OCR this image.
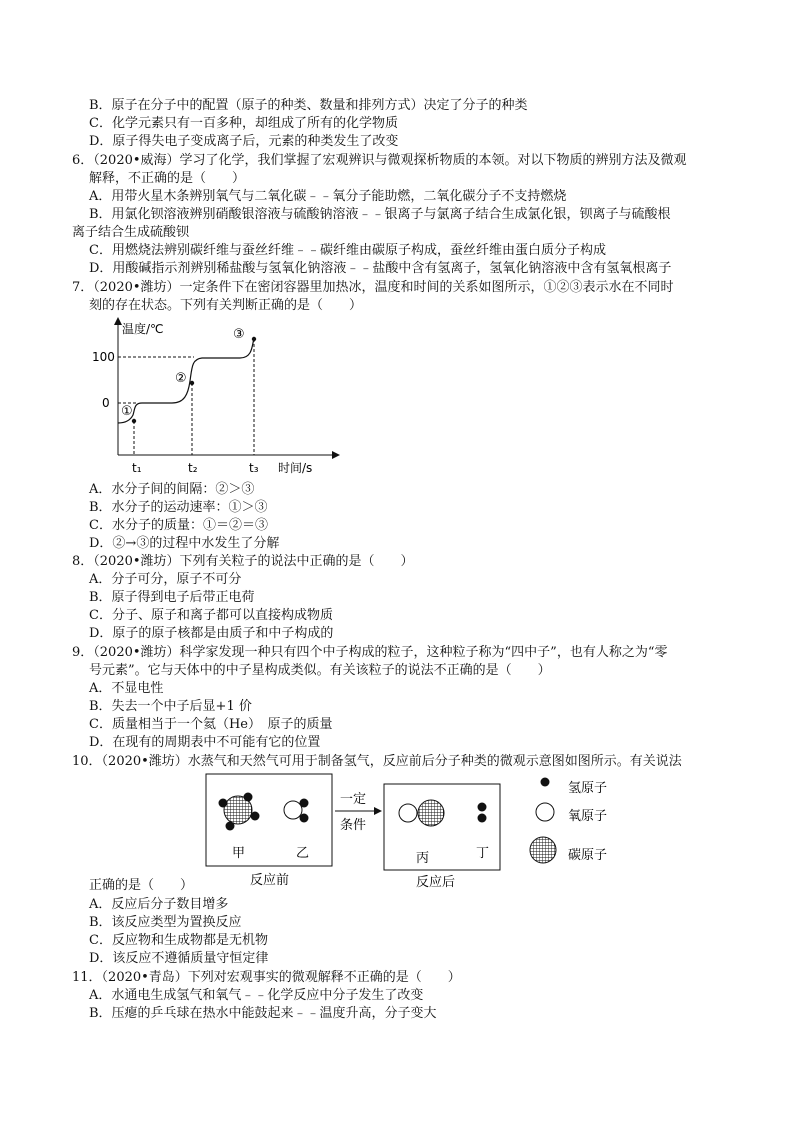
B．原子在分子中的配置（原子的种类、数量和排列方式）决定了分子的种类
C．化学元素只有一百多种，却组成了所有的化学物质
D．原子得失电子变成离子后，元素的种类发生了改变
6．（2020•威海）学习了化学，我们掌握了宏观辨识与微观探析物质的本领。对以下物质的辨别方法及微观
解释，不正确的是（　　）
A．用带火星木条辨别氧气与二氧化碳﹣﹣氧分子能助燃，二氧化碳分子不支持燃烧
B．用氯化钡溶液辨别硝酸银溶液与硫酸钠溶液﹣﹣银离子与氯离子结合生成氯化银，钡离子与硫酸根
离子结合生成硫酸钡
C．用燃烧法辨别碳纤维与蚕丝纤维﹣﹣碳纤维由碳原子构成，蚕丝纤维由蛋白质分子构成
D．用酸碱指示剂辨别稀盐酸与氢氧化钠溶液﹣﹣盐酸中含有氢离子，氢氧化钠溶液中含有氢氧根离子
7．（2020•潍坊）一定条件下在密闭容器里加热冰，温度和时间的关系如图所示，①②③表示水在不同时
刻的存在状态。下列有关判断正确的是（　　）
温度/℃
时间/s
100
0
①
②
③
t₁	t₂	t₃
A．水分子间的间隔：②＞③
B．水分子的运动速率：①＞③
C．水分子的质量：①＝②＝③
D．②→③的过程中水发生了分解
8．（2020•潍坊）下列有关粒子的说法中正确的是（　　）
A．分子可分，原子不可分
B．原子得到电子后带正电荷
C．分子、原子和离子都可以直接构成物质
D．原子的原子核都是由质子和中子构成的
9．（2020•潍坊）科学家发现一种只有四个中子构成的粒子，这种粒子称为“四中子”，也有人称之为“零
号元素”。它与天体中的中子星构成类似。有关该粒子的说法不正确的是（　　）
A．不显电性
B．失去一个中子后显+1 价
C．质量相当于一个氦（He）　原子的质量
D．在现有的周期表中不可能有它的位置
10．（2020•潍坊）水蒸气和天然气可用于制备氢气，反应前后分子种类的微观示意图如图所示。有关说法
甲	乙
反应前
一定
条件
丙	丁
反应后
氢原子
氧原子
碳原子
正确的是（　　）
A．反应后分子数目增多
B．该反应类型为置换反应
C．反应物和生成物都是无机物
D．该反应不遵循质量守恒定律
11．（2020•青岛）下列对宏观事实的微观解释不正确的是（　　）
A．水通电生成氢气和氧气﹣﹣化学反应中分子发生了改变
B．压瘪的乒乓球在热水中能鼓起来﹣﹣温度升高，分子变大
